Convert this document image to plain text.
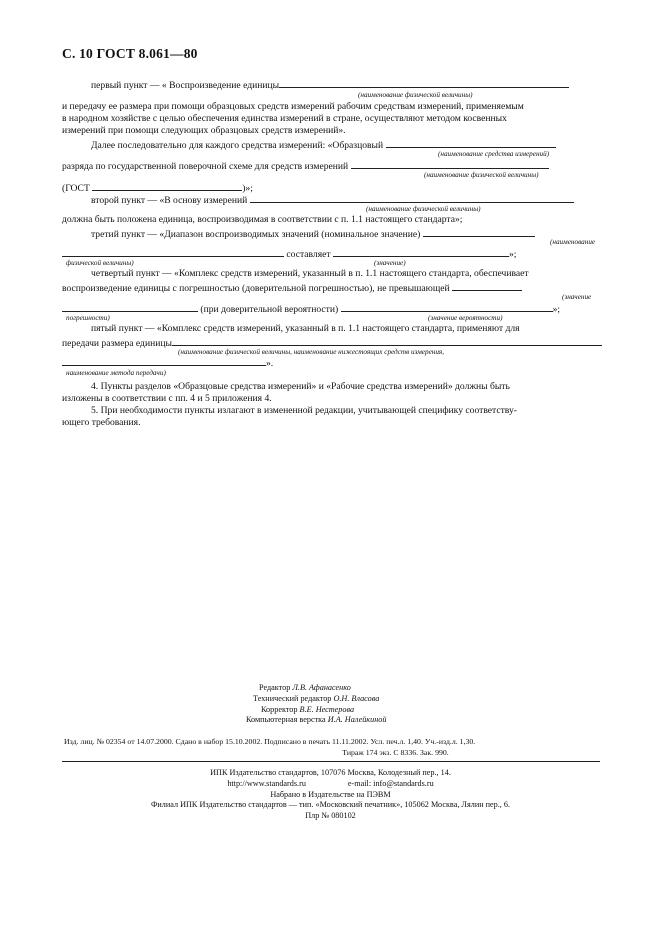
С. 10 ГОСТ 8.061—80
первый пункт — « Воспроизведение единицы
(наименование физической величины)
и передачу ее размера при помощи образцовых средств измерений рабочим средствам измерений, применяемым
в народном хозяйстве с целью обеспечения единства измерений в стране, осуществляют методом косвенных
измерений при помощи следующих образцовых средств измерений».
Далее последовательно для каждого средства измерений: «Образцовый
(наименование средства измерений)
разряда по государственной поверочной схеме для средств измерений
(наименование физической величины)
(ГОСТ	)»;
второй пункт — «В основу измерений
(наименование физической величины)
должна быть положена единица, воспроизводимая в соответствии с п. 1.1 настоящего стандарта»;
третий пункт — «Диапазон воспроизводимых значений (номинальное значение)
(наименование
составляет	»;
физической величины)	(значение)
четвертый пункт — «Комплекс средств измерений, указанный в п. 1.1 настоящего стандарта, обеспечивает
воспроизведение единицы с погрешностью (доверительной погрешностью), не превышающей
(значение
(при доверительной вероятности)	»;
погрешности)	(значение вероятности)
пятый пункт — «Комплекс средств измерений, указанный в п. 1.1 настоящего стандарта, применяют для
передачи размера единицы
(наименование физической величины, наименование нижестоящих средств измерения,
».
наименование метода передачи)
4. Пункты разделов «Образцовые средства измерений» и «Рабочие средства измерений» должны быть
изложены в соответствии с пп. 4 и 5 приложения 4.
5. При необходимости пункты излагают в измененной редакции, учитывающей специфику соответству-
ющего требования.
Редактор Л.В. Афанасенко
Технический редактор О.Н. Власова
Корректор В.Е. Нестерова
Компьютерная верстка И.А. Налейкиной
Изд. лиц. № 02354 от 14.07.2000. Сдано в набор 15.10.2002. Подписано в печать 11.11.2002. Усл. печ.л. 1,40. Уч.-изд.л. 1,30.
Тираж 174 экз. С 8336. Зак. 990.
ИПК Издательство стандартов, 107076 Москва, Колодезный пер., 14.
http://www.standards.ru	e-mail: info@standards.ru
Набрано в Издательстве на ПЭВМ
Филиал ИПК Издательство стандартов — тип. «Московский печатник», 105062 Москва, Лялин пер., 6.
Плр № 080102
